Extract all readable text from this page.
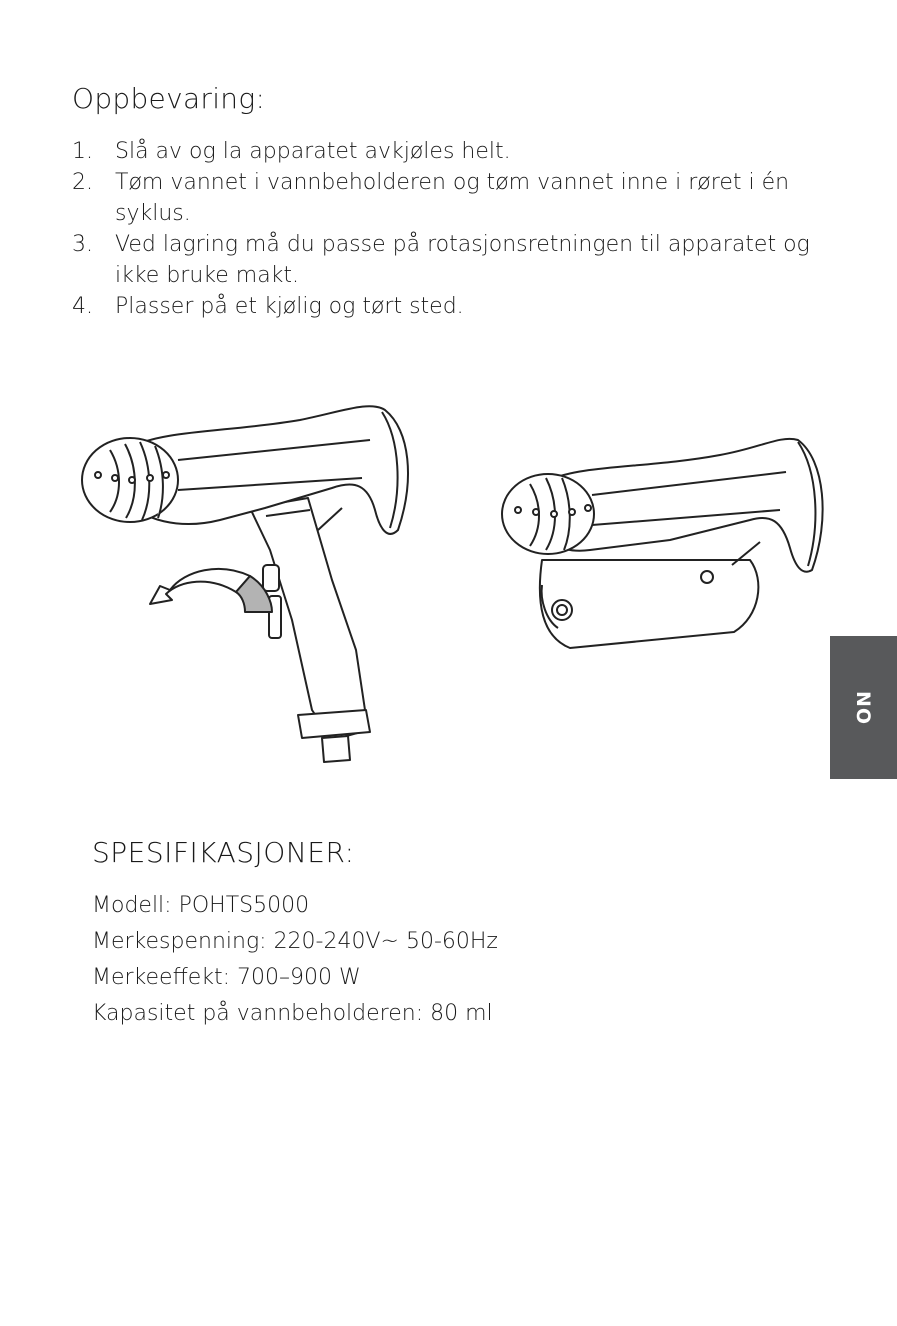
Oppbevaring:
1. Slå av og la apparatet avkjøles helt.
2. Tøm vannet i vannbeholderen og tøm vannet inne i røret i én syklus.
3. Ved lagring må du passe på rotasjonsretningen til apparatet og ikke bruke makt.
4. Plasser på et kjølig og tørt sted.
NO
SPESIFIKASJONER:
Modell: POHTS5000
Merkespenning: 220-240V~ 50-60Hz
Merkeeffekt: 700–900 W
Kapasitet på vannbeholderen: 80 ml
